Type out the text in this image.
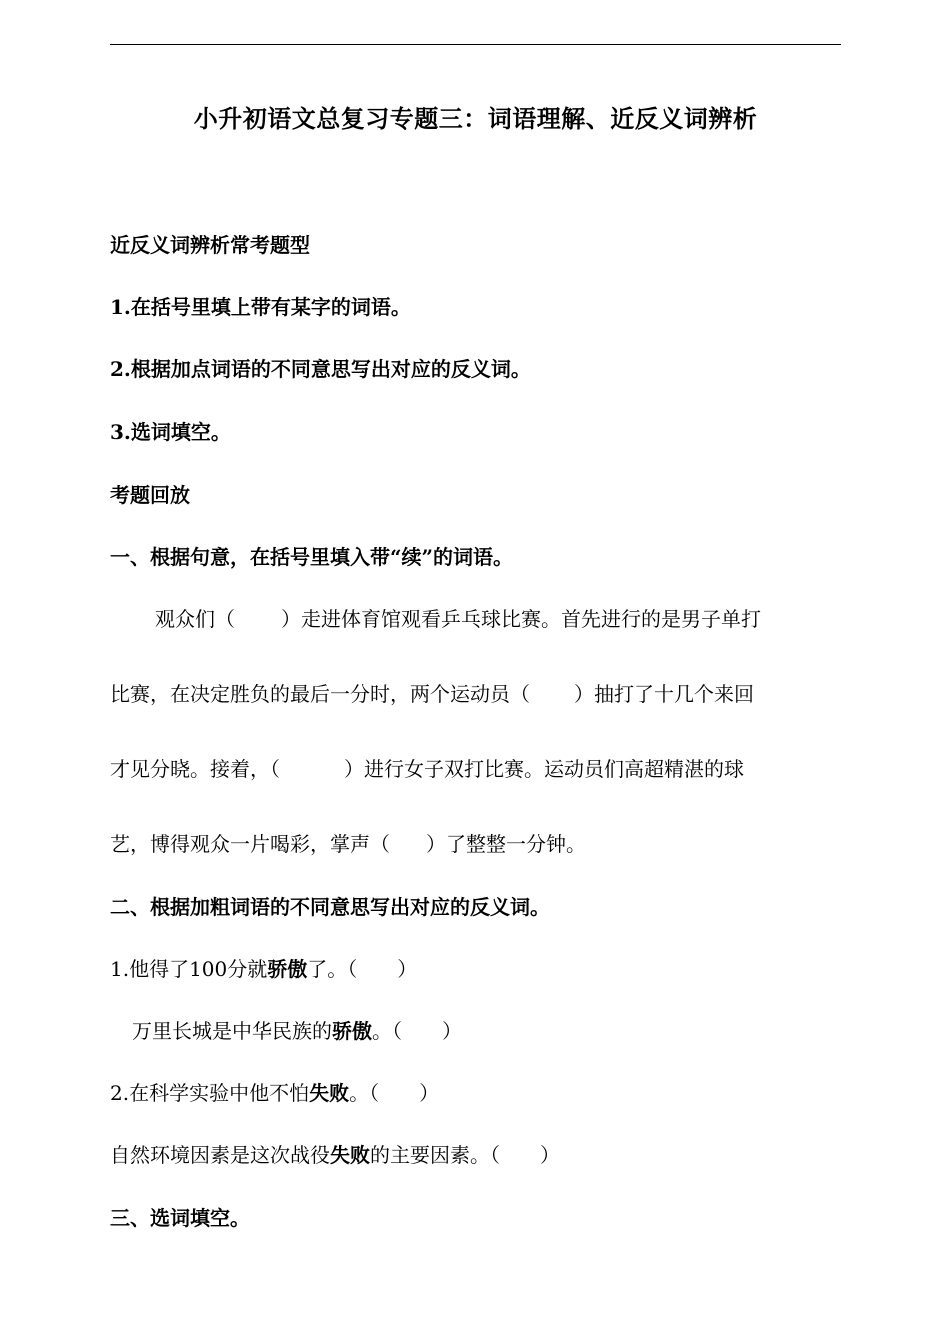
小升初语文总复习专题三：词语理解、近反义词辨析
近反义词辨析常考题型
1.在括号里填上带有某字的词语。
2.根据加点词语的不同意思写出对应的反义词。
3.选词填空。
考题回放
一、根据句意，在括号里填入带“续”的词语。
观众们（ ）走进体育馆观看乒乓球比赛。首先进行的是男子单打
比赛，在决定胜负的最后一分时，两个运动员（ ）抽打了十几个来回
才见分晓。接着，（	）进行女子双打比赛。运动员们高超精湛的球
艺，博得观众一片喝彩，掌声（ ）了整整一分钟。
二、根据加粗词语的不同意思写出对应的反义词。
1.他得了100分就骄傲了。（ ）
万里长城是中华民族的骄傲。（ ）
2.在科学实验中他不怕失败。（ ）
自然环境因素是这次战役失败的主要因素。（ ）
三、选词填空。
